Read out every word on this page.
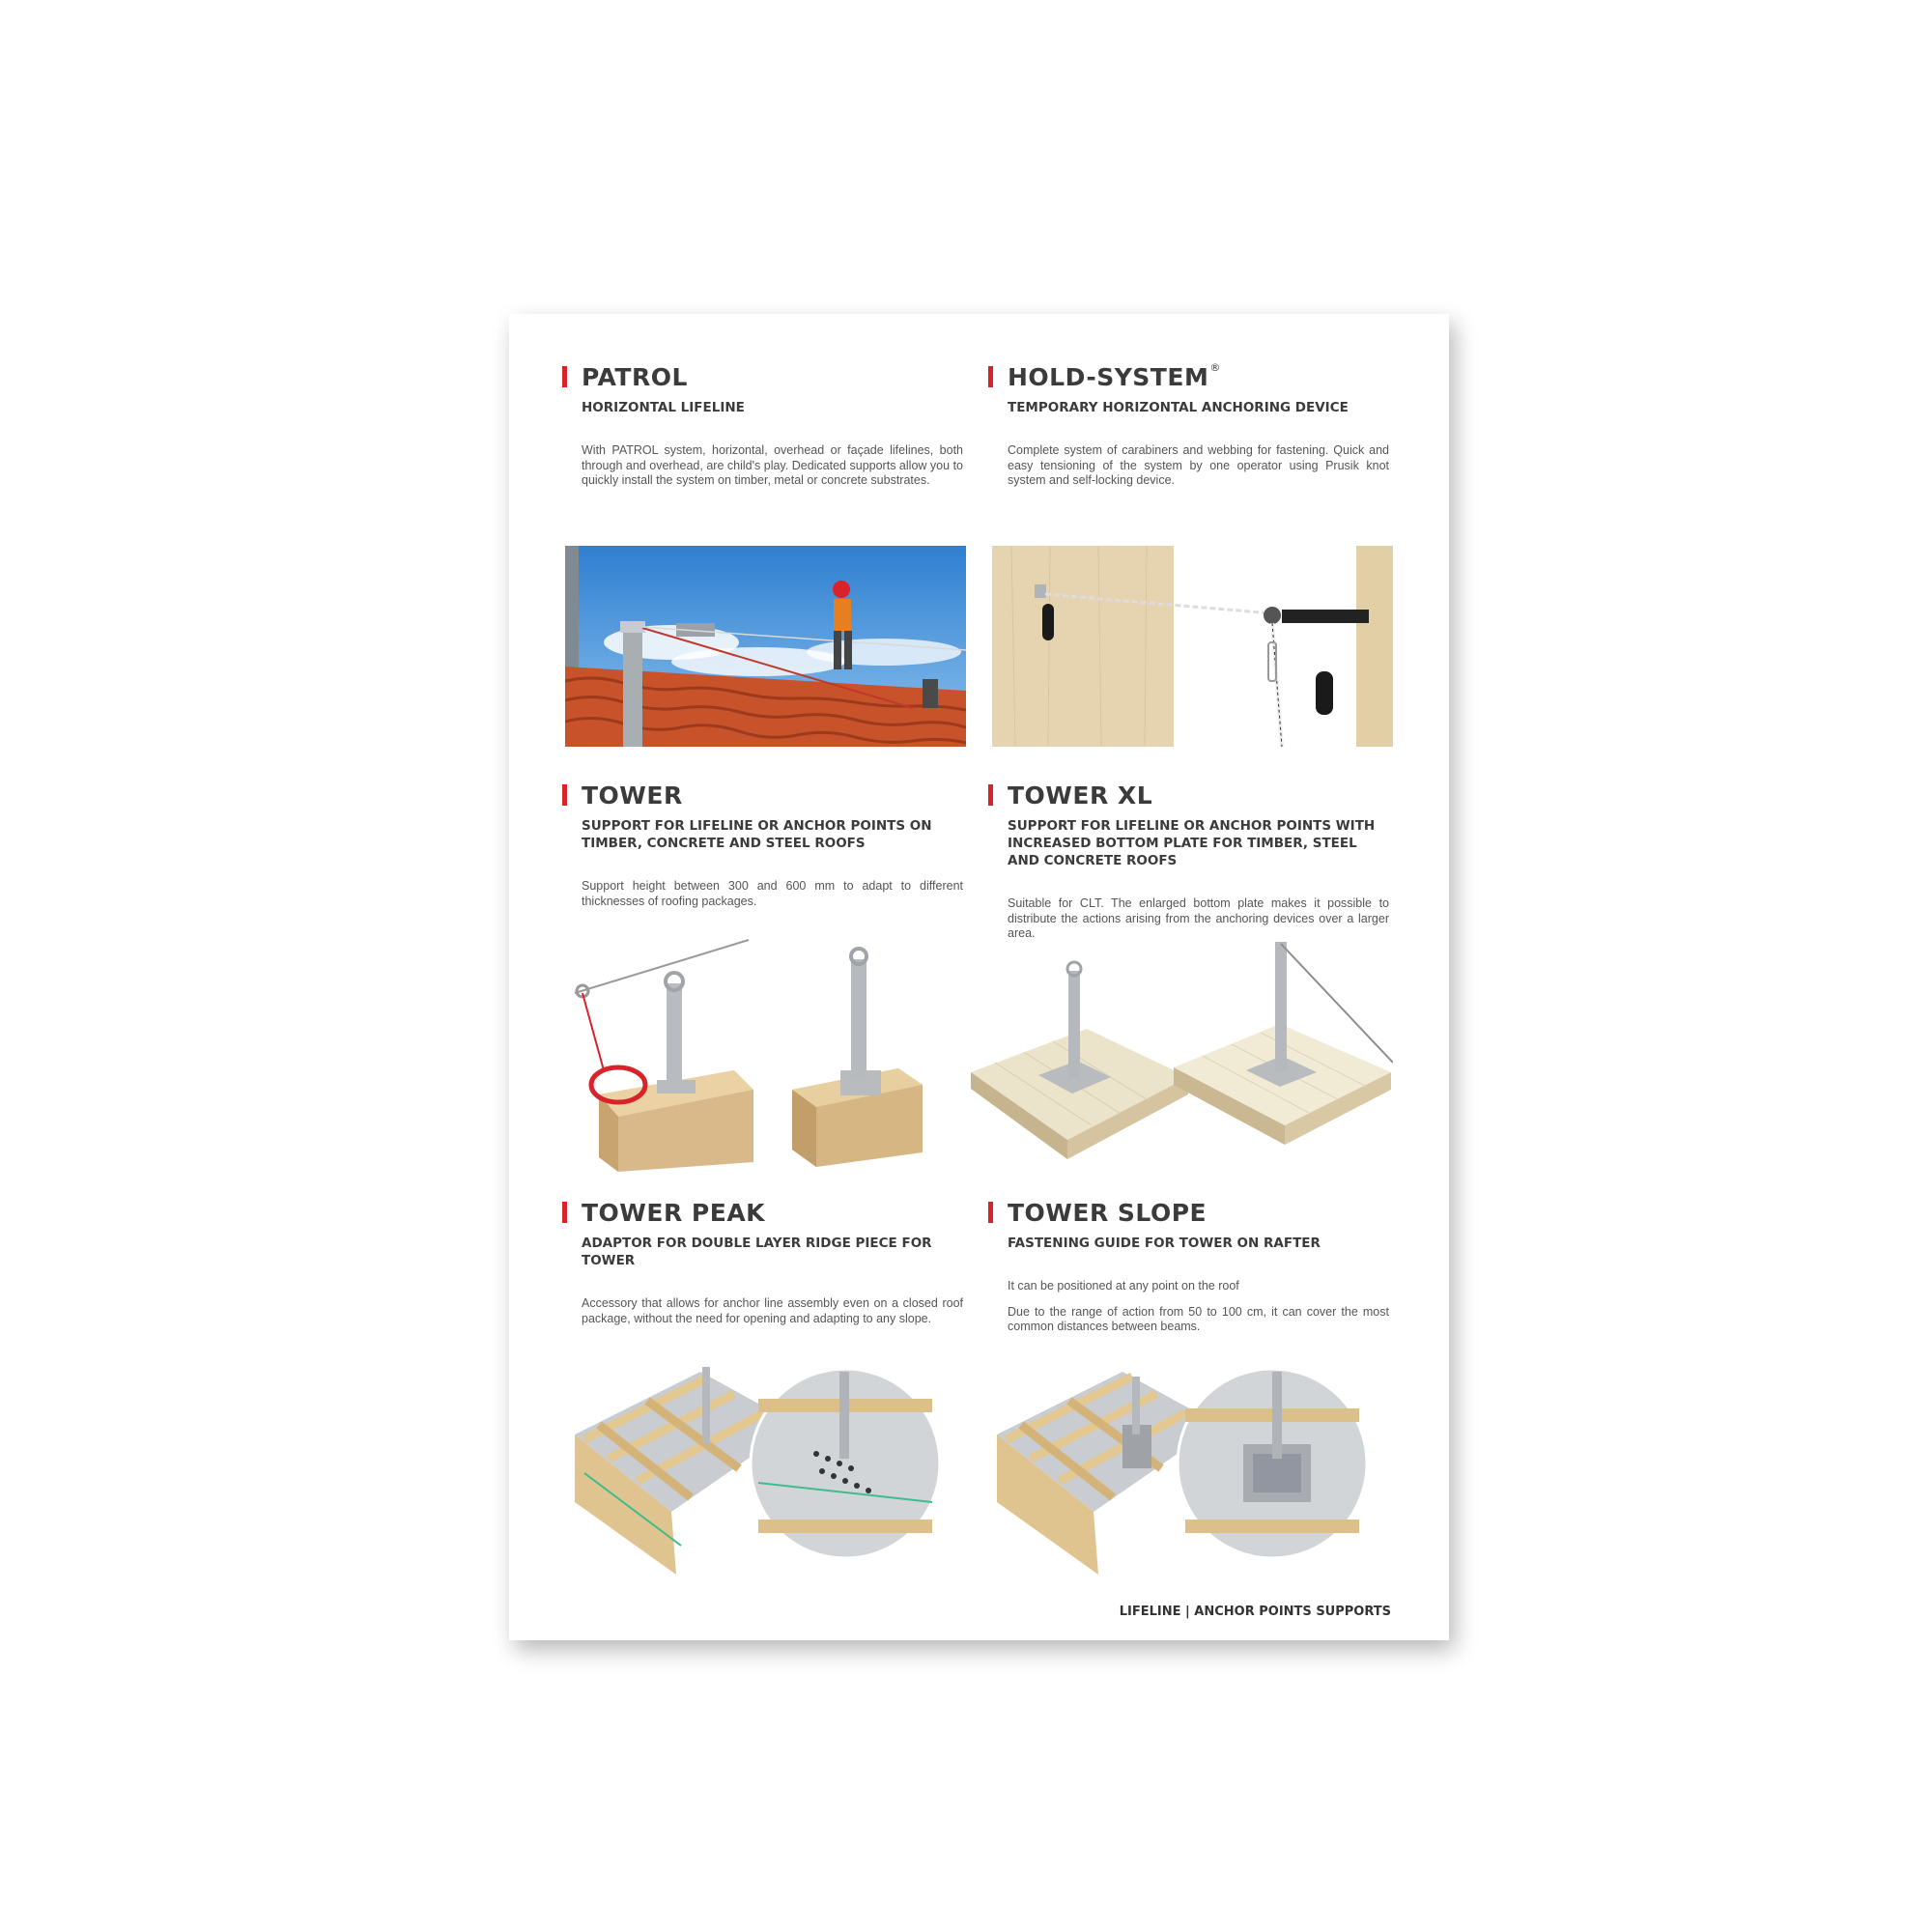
PATROL
HORIZONTAL LIFELINE

With PATROL system, horizontal, overhead or façade lifelines, both through and overhead, are child's play. Dedicated supports allow you to quickly install the system on timber, metal or concrete substrates.

HOLD-SYSTEM®
TEMPORARY HORIZONTAL ANCHORING DEVICE

Complete system of carabiners and webbing for fastening. Quick and easy tensioning of the system by one operator using Prusik knot system and self-locking device.

TOWER
SUPPORT FOR LIFELINE OR ANCHOR POINTS ON TIMBER, CONCRETE AND STEEL ROOFS

Support height between 300 and 600 mm to adapt to different thicknesses of roofing packages.

TOWER XL
SUPPORT FOR LIFELINE OR ANCHOR POINTS WITH INCREASED BOTTOM PLATE FOR TIMBER, STEEL AND CONCRETE ROOFS

Suitable for CLT. The enlarged bottom plate makes it possible to distribute the actions arising from the anchoring devices over a larger area.

TOWER PEAK
ADAPTOR FOR DOUBLE LAYER RIDGE PIECE FOR TOWER

Accessory that allows for anchor line assembly even on a closed roof package, without the need for opening and adapting to any slope.

TOWER SLOPE
FASTENING GUIDE FOR TOWER ON RAFTER

It can be positioned at any point on the roof

Due to the range of action from 50 to 100 cm, it can cover the most common distances between beams.

LIFELINE | ANCHOR POINTS SUPPORTS
